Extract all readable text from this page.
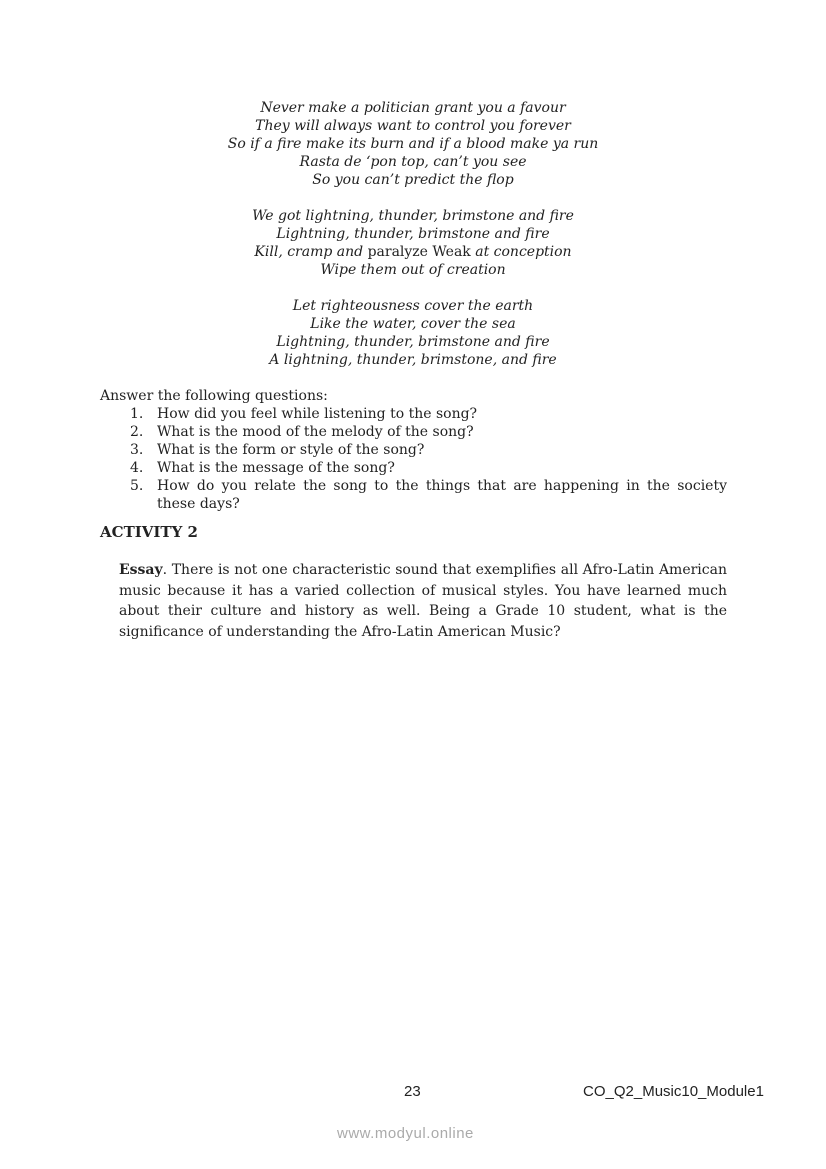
Never make a politician grant you a favour
They will always want to control you forever
So if a fire make its burn and if a blood make ya run
Rasta de ‘pon top, can’t you see
So you can’t predict the flop
We got lightning, thunder, brimstone and fire
Lightning, thunder, brimstone and fire
Kill, cramp and paralyze Weak at conception
Wipe them out of creation
Let righteousness cover the earth
Like the water, cover the sea
Lightning, thunder, brimstone and fire
A lightning, thunder, brimstone, and fire
Answer the following questions:
1. How did you feel while listening to the song?
2. What is the mood of the melody of the song?
3. What is the form or style of the song?
4. What is the message of the song?
5. How do you relate the song to the things that are happening in the society these days?
ACTIVITY 2
Essay. There is not one characteristic sound that exemplifies all Afro-Latin American music because it has a varied collection of musical styles. You have learned much about their culture and history as well. Being a Grade 10 student, what is the significance of understanding the Afro-Latin American Music?
23	CO_Q2_Music10_Module1
www.modyul.online
